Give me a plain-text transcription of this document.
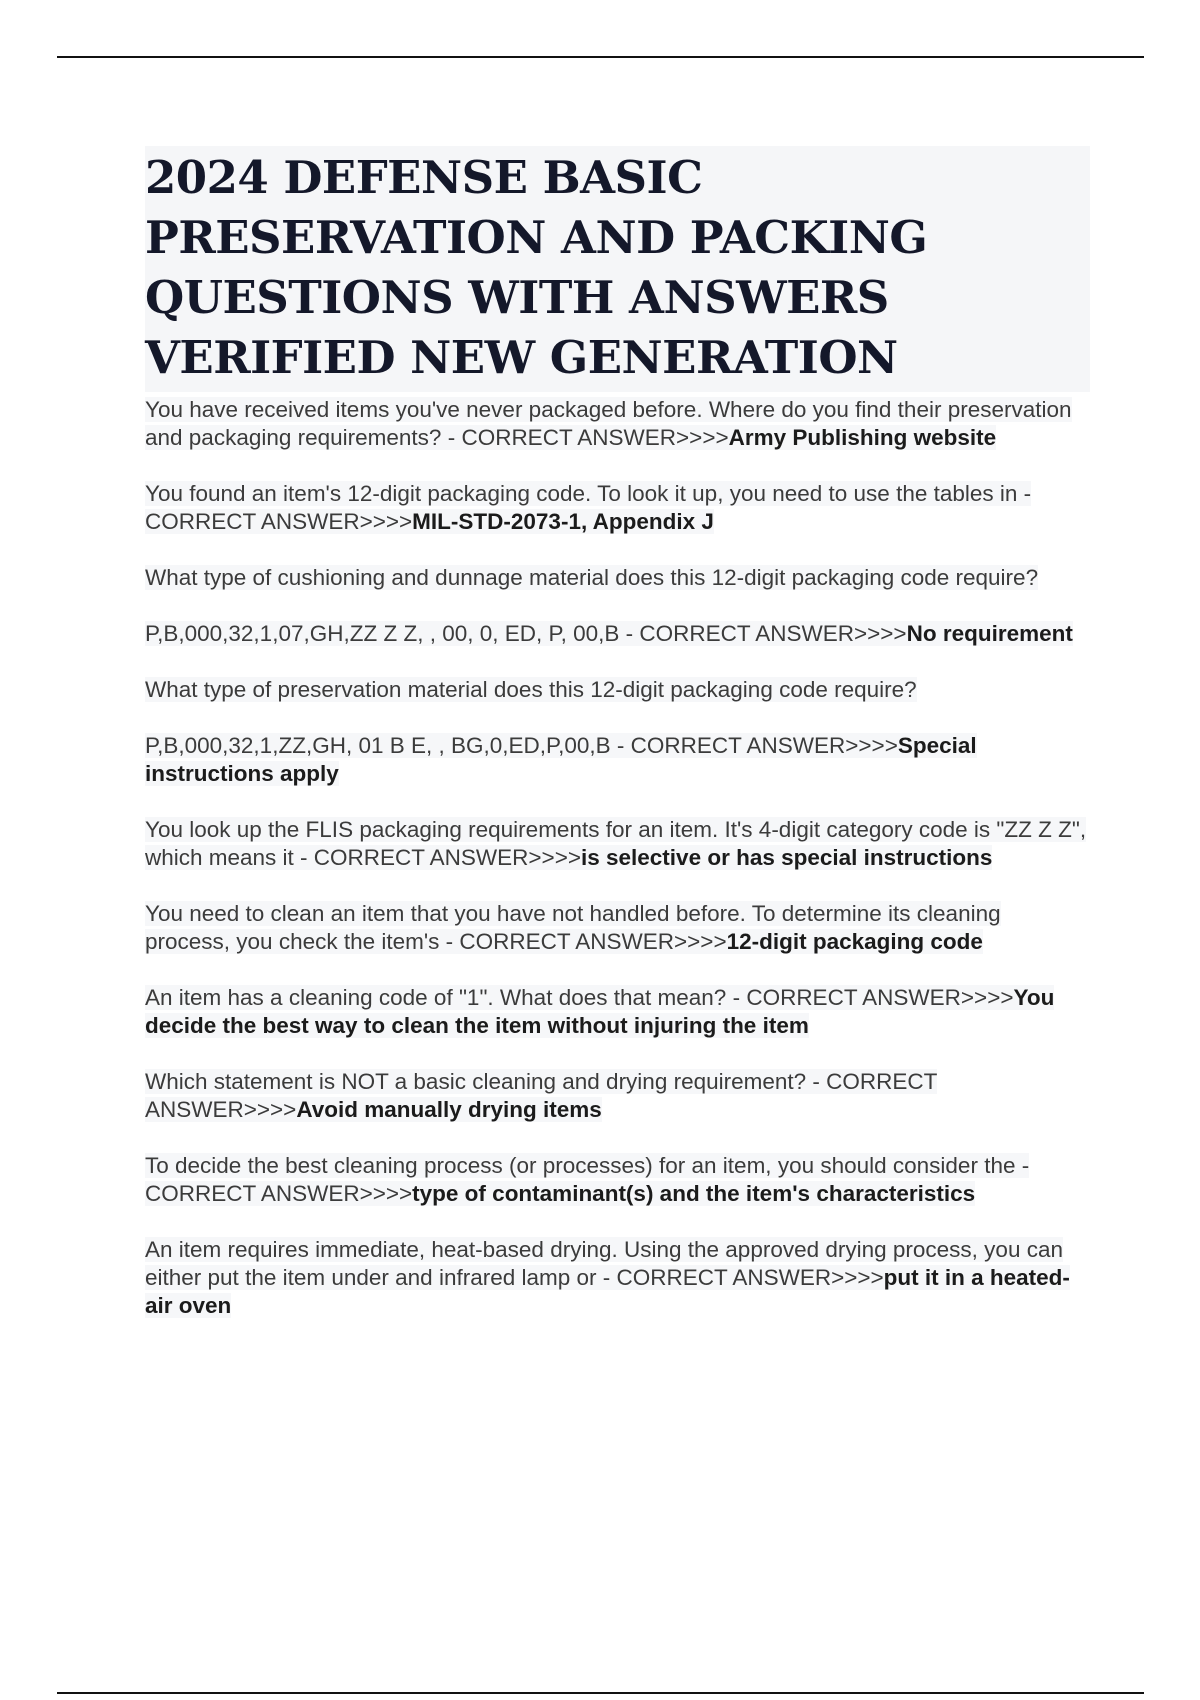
2024 DEFENSE BASIC PRESERVATION AND PACKING QUESTIONS WITH ANSWERS VERIFIED NEW GENERATION

You have received items you've never packaged before. Where do you find their preservation and packaging requirements? - CORRECT ANSWER>>>>Army Publishing website

You found an item's 12-digit packaging code. To look it up, you need to use the tables in - CORRECT ANSWER>>>>MIL-STD-2073-1, Appendix J

What type of cushioning and dunnage material does this 12-digit packaging code require?

P,B,000,32,1,07,GH,ZZ Z Z, , 00, 0, ED, P, 00,B - CORRECT ANSWER>>>>No requirement

What type of preservation material does this 12-digit packaging code require?

P,B,000,32,1,ZZ,GH, 01 B E, , BG,0,ED,P,00,B - CORRECT ANSWER>>>>Special instructions apply

You look up the FLIS packaging requirements for an item. It's 4-digit category code is "ZZ Z Z", which means it - CORRECT ANSWER>>>>is selective or has special instructions

You need to clean an item that you have not handled before. To determine its cleaning process, you check the item's - CORRECT ANSWER>>>>12-digit packaging code

An item has a cleaning code of "1". What does that mean? - CORRECT ANSWER>>>>You decide the best way to clean the item without injuring the item

Which statement is NOT a basic cleaning and drying requirement? - CORRECT ANSWER>>>>Avoid manually drying items

To decide the best cleaning process (or processes) for an item, you should consider the - CORRECT ANSWER>>>>type of contaminant(s) and the item's characteristics

An item requires immediate, heat-based drying. Using the approved drying process, you can either put the item under and infrared lamp or - CORRECT ANSWER>>>>put it in a heated-air oven
